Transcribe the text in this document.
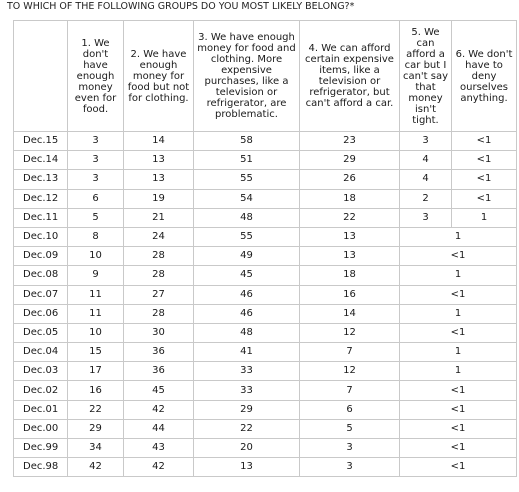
TO WHICH OF THE FOLLOWING GROUPS DO YOU MOST LIKELY BELONG?*
	1. We don't have enough money even for food.	2. We have enough money for food but not for clothing.	3. We have enough money for food and clothing. More expensive purchases, like a television or refrigerator, are problematic.	4. We can afford certain expensive items, like a television or refrigerator, but can't afford a car.	5. We can afford a car but I can't say that money isn't tight.	6. We don't have to deny ourselves anything.
Dec.15	3	14	58	23	3	<1
Dec.14	3	13	51	29	4	<1
Dec.13	3	13	55	26	4	<1
Dec.12	6	19	54	18	2	<1
Dec.11	5	21	48	22	3	1
Dec.10	8	24	55	13	1	
Dec.09	10	28	49	13	<1	
Dec.08	9	28	45	18	1	
Dec.07	11	27	46	16	<1	
Dec.06	11	28	46	14	1	
Dec.05	10	30	48	12	<1	
Dec.04	15	36	41	7	1	
Dec.03	17	36	33	12	1	
Dec.02	16	45	33	7	<1	
Dec.01	22	42	29	6	<1	
Dec.00	29	44	22	5	<1	
Dec.99	34	43	20	3	<1	
Dec.98	42	42	13	3	<1	
